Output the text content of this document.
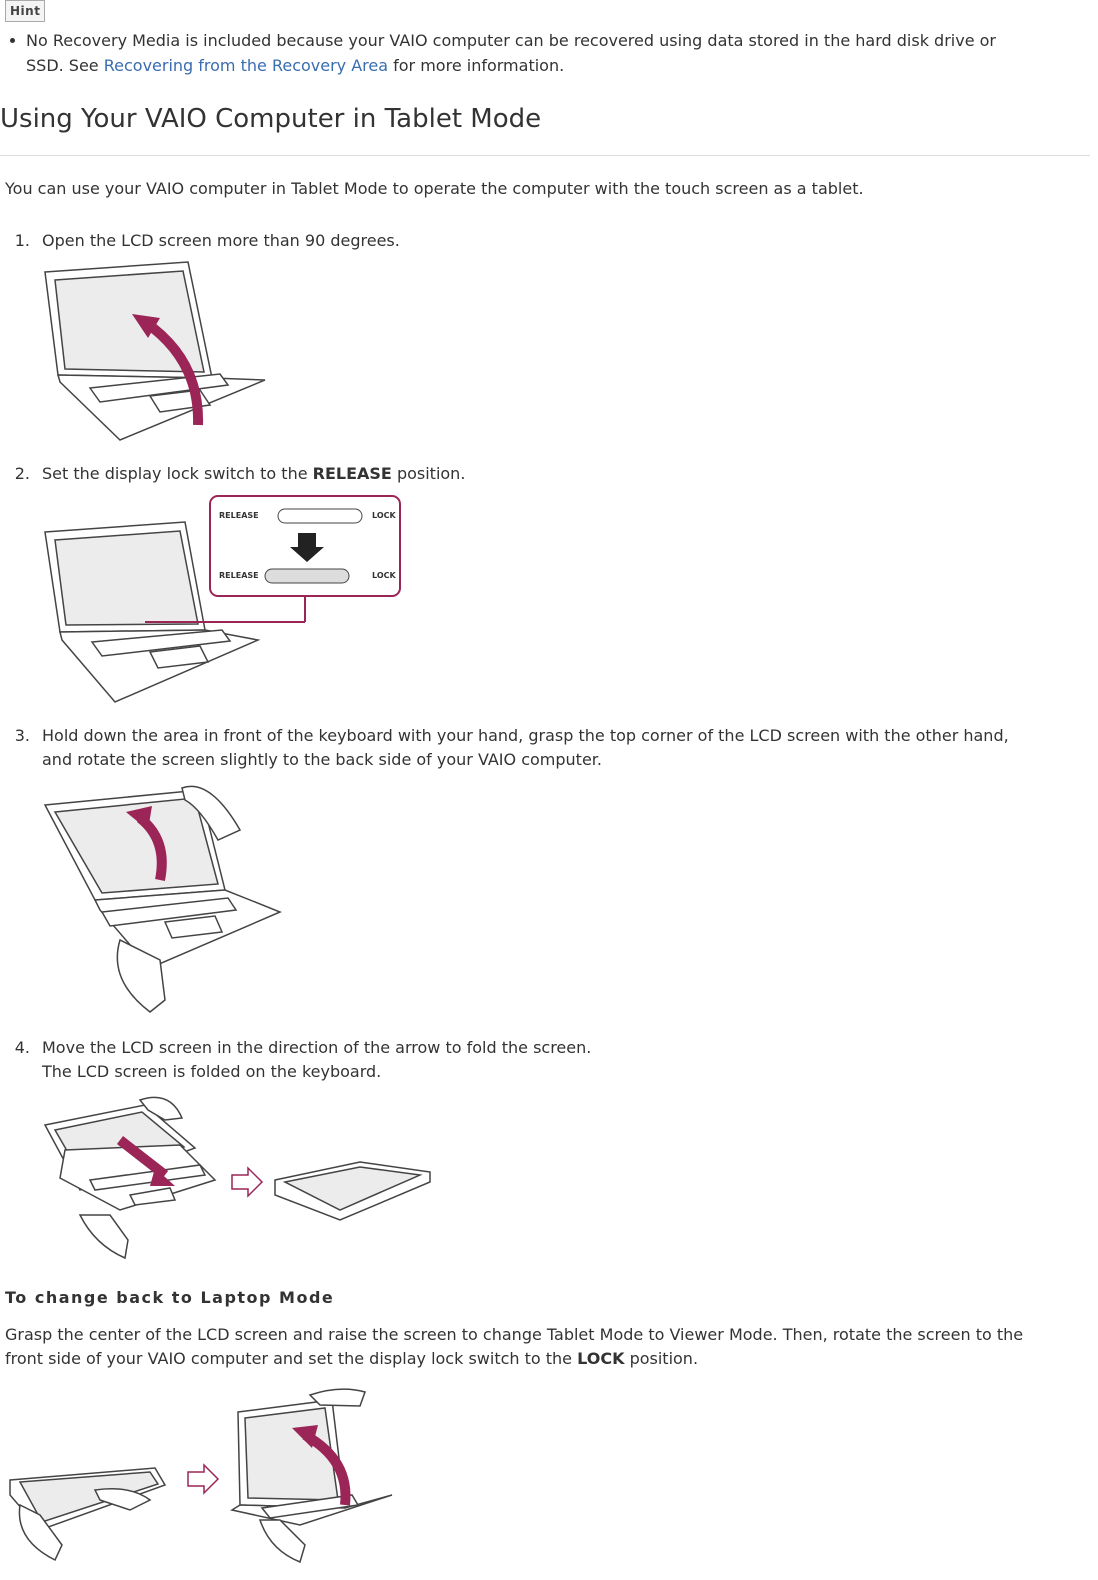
Hint
No Recovery Media is included because your VAIO computer can be recovered using data stored in the hard disk drive or
SSD. See Recovering from the Recovery Area for more information.
Using Your VAIO Computer in Tablet Mode
You can use your VAIO computer in Tablet Mode to operate the computer with the touch screen as a tablet.
1. Open the LCD screen more than 90 degrees.
2. Set the display lock switch to the RELEASE position.
RELEASE	LOCK
RELEASE	LOCK
3. Hold down the area in front of the keyboard with your hand, grasp the top corner of the LCD screen with the other hand,
and rotate the screen slightly to the back side of your VAIO computer.
4. Move the LCD screen in the direction of the arrow to fold the screen.
The LCD screen is folded on the keyboard.
To change back to Laptop Mode
Grasp the center of the LCD screen and raise the screen to change Tablet Mode to Viewer Mode. Then, rotate the screen to the
front side of your VAIO computer and set the display lock switch to the LOCK position.
